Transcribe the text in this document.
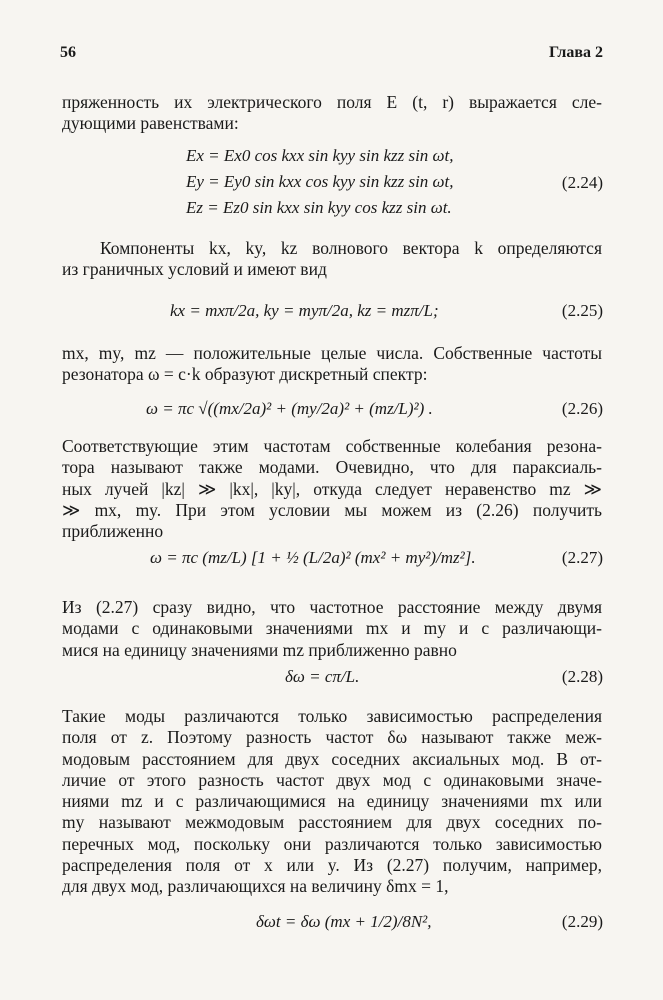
56	Глава 2
пряженность их электрического поля E (t, r) выражается сле-
дующими равенствами:
Ex = Ex0 cos kxx sin kyy sin kzz sin ωt,
Ey = Ey0 sin kxx cos kyy sin kzz sin ωt,
Ez = Ez0 sin kxx sin kyy cos kzz sin ωt.
(2.24)
Компоненты kx, ky, kz волнового вектора k определяются
из граничных условий и имеют вид
kx = mxπ/2a, ky = myπ/2a, kz = mzπ/L;	(2.25)
mx, my, mz — положительные целые числа. Собственные частоты
резонатора ω = c·k образуют дискретный спектр:
ω = πc √((mx/2a)² + (my/2a)² + (mz/L)²) .	(2.26)
Соответствующие этим частотам собственные колебания резона-
тора называют также модами. Очевидно, что для параксиаль-
ных лучей |kz| ≫ |kx|, |ky|, откуда следует неравенство mz ≫
≫ mx, my. При этом условии мы можем из (2.26) получить
приближенно
ω = πc (mz/L) [1 + ½ (L/2a)² (mx² + my²)/mz²].	(2.27)
Из (2.27) сразу видно, что частотное расстояние между двумя
модами с одинаковыми значениями mx и my и с различающи-
мися на единицу значениями mz приближенно равно
δω = cπ/L.	(2.28)
Такие моды различаются только зависимостью распределения
поля от z. Поэтому разность частот δω называют также меж-
модовым расстоянием для двух соседних аксиальных мод. В от-
личие от этого разность частот двух мод с одинаковыми значе-
ниями mz и с различающимися на единицу значениями mx или
my называют межмодовым расстоянием для двух соседних по-
перечных мод, поскольку они различаются только зависимостью
распределения поля от x или y. Из (2.27) получим, например,
для двух мод, различающихся на величину δmx = 1,
δωt = δω (mx + 1/2)/8N²,	(2.29)
